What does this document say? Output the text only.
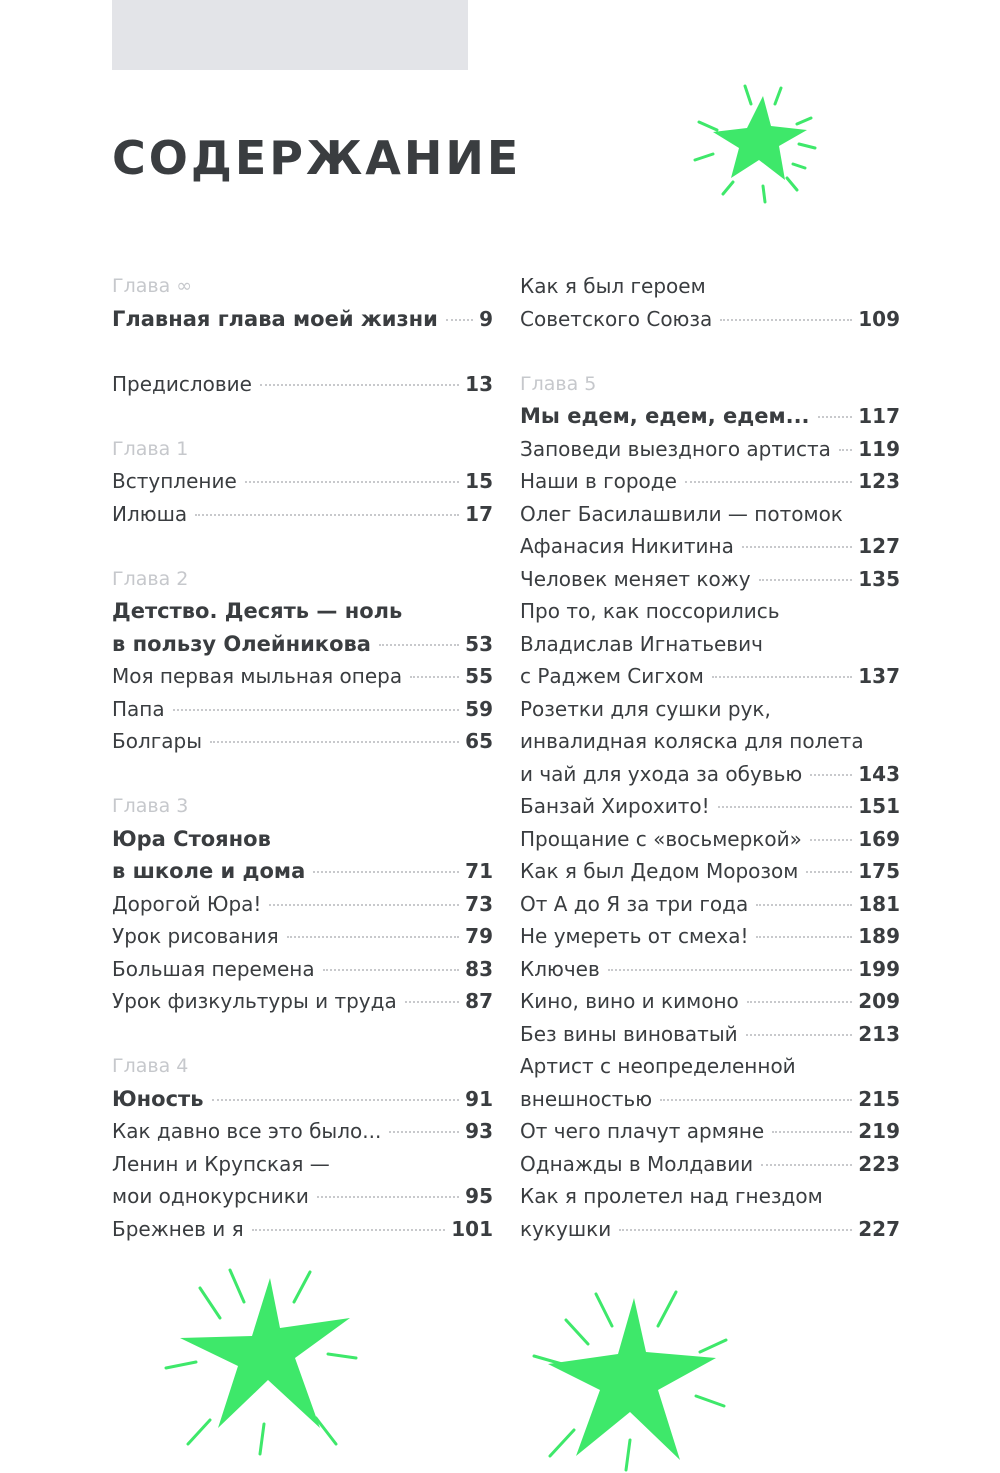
СОДЕРЖАНИЕ
Глава ∞
Главная глава моей жизни 9
Предисловие	13
Глава 1
Вступление	15
Илюша	17
Глава 2
Детство. Десять — ноль
в пользу Олейникова	53
Моя первая мыльная опера	55
Папа	59
Болгары	65
Глава 3
Юра Стоянов
в школе и дома	71
Дорогой Юра!	73
Урок рисования	79
Большая перемена	83
Урок физкультуры и труда	87
Глава 4
Юность	91
Как давно все это было...	93
Ленин и Крупская —
мои однокурсники	95
Брежнев и я	101
Как я был героем
Советского Союза	109
Глава 5
Мы едем, едем, едем... 117
Заповеди выездного артиста 119
Наши в городе	123
Олег Басилашвили — потомок
Афанасия Никитина	127
Человек меняет кожу	135
Про то, как поссорились
Владислав Игнатьевич
с Раджем Сигхом	137
Розетки для сушки рук,
инвалидная коляска для полета
и чай для ухода за обувью	143
Банзай Хирохито!	151
Прощание с «восьмеркой»	169
Как я был Дедом Морозом	175
От А до Я за три года	181
Не умереть от смеха!	189
Ключев	199
Кино, вино и кимоно	209
Без вины виноватый	213
Артист с неопределенной
внешностью	215
От чего плачут армяне	219
Однажды в Молдавии	223
Как я пролетел над гнездом
кукушки	227
